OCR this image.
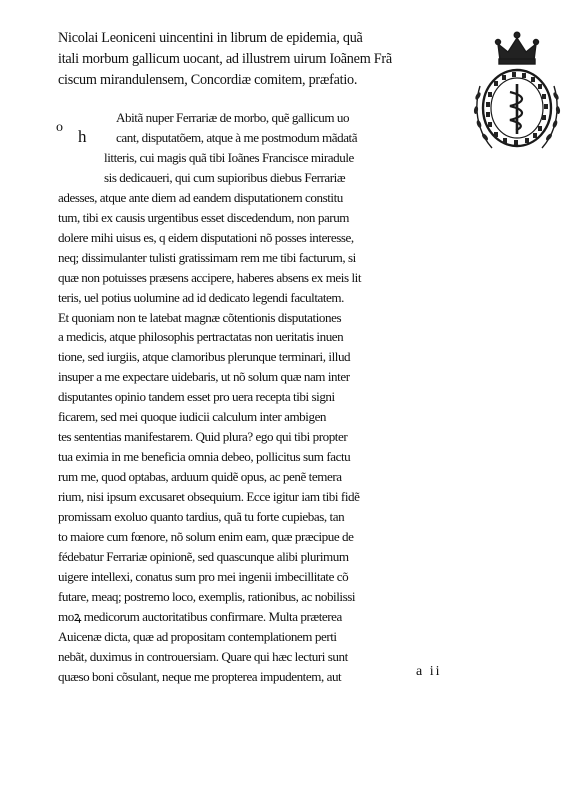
Nicolai Leoniceni uincentini in librum de epidemia, quã
itali morbum gallicum uocant, ad illustrem uirum Ioãnem Frã
ciscum mirandulensem, Concordiæ comitem, præfatio.
o h
Abitã nuper Ferrariæ de morbo, quẽ gallicum uo
cant, disputatõem, atque à me postmodum mãdatã
litteris, cui magis quã tibi Ioãnes Francisce miradule
sis dedicaueri, qui cum supioribus diebus Ferrariæ
adesses, atque ante diem ad eandem disputationem constitu
tum, tibi ex causis urgentibus esset discedendum, non parum
dolere mihi uisus es, q eidem disputationi nõ posses interesse,
neq; dissimulanter tulisti gratissimam rem me tibi facturum, si
quæ non potuisses præsens accipere, haberes absens ex meis lit
teris, uel potius uolumine ad id dedicato legendi facultatem.
Et quoniam non te latebat magnæ cõtentionis disputationes
a medicis, atque philosophis pertractatas non ueritatis inuen
tione, sed iurgiis, atque clamoribus plerunque terminari, illud
insuper a me expectare uidebaris, ut nõ solum quæ nam inter
disputantes opinio tandem esset pro uera recepta tibi signi
ficarem, sed mei quoque iudicii calculum inter ambigen
tes sententias manifestarem. Quid plura? ego qui tibi propter
tua eximia in me beneficia omnia debeo, pollicitus sum factu
rum me, quod optabas, arduum quidẽ opus, ac penẽ temera
rium, nisi ipsum excusaret obsequium. Ecce igitur iam tibi fidẽ
promissam exoluo quanto tardius, quã tu forte cupiebas, tan
to maiore cum fœnore, nõ solum enim eam, quæ præcipue de
fédebatur Ferrariæ opinionẽ, sed quascunque alibi plurimum
uigere intellexi, conatus sum pro mei ingenii imbecillitate cõ
futare, meaq; postremo loco, exemplis, rationibus, ac nobilissi
moꝝ medicorum auctoritatibus confirmare. Multa præterea
Auicenæ dicta, quæ ad propositam contemplationem perti
nebãt, duximus in controuersiam. Quare qui hæc lecturi sunt
quæso boni cõsulant, neque me propterea impudentem, aut	a ii
